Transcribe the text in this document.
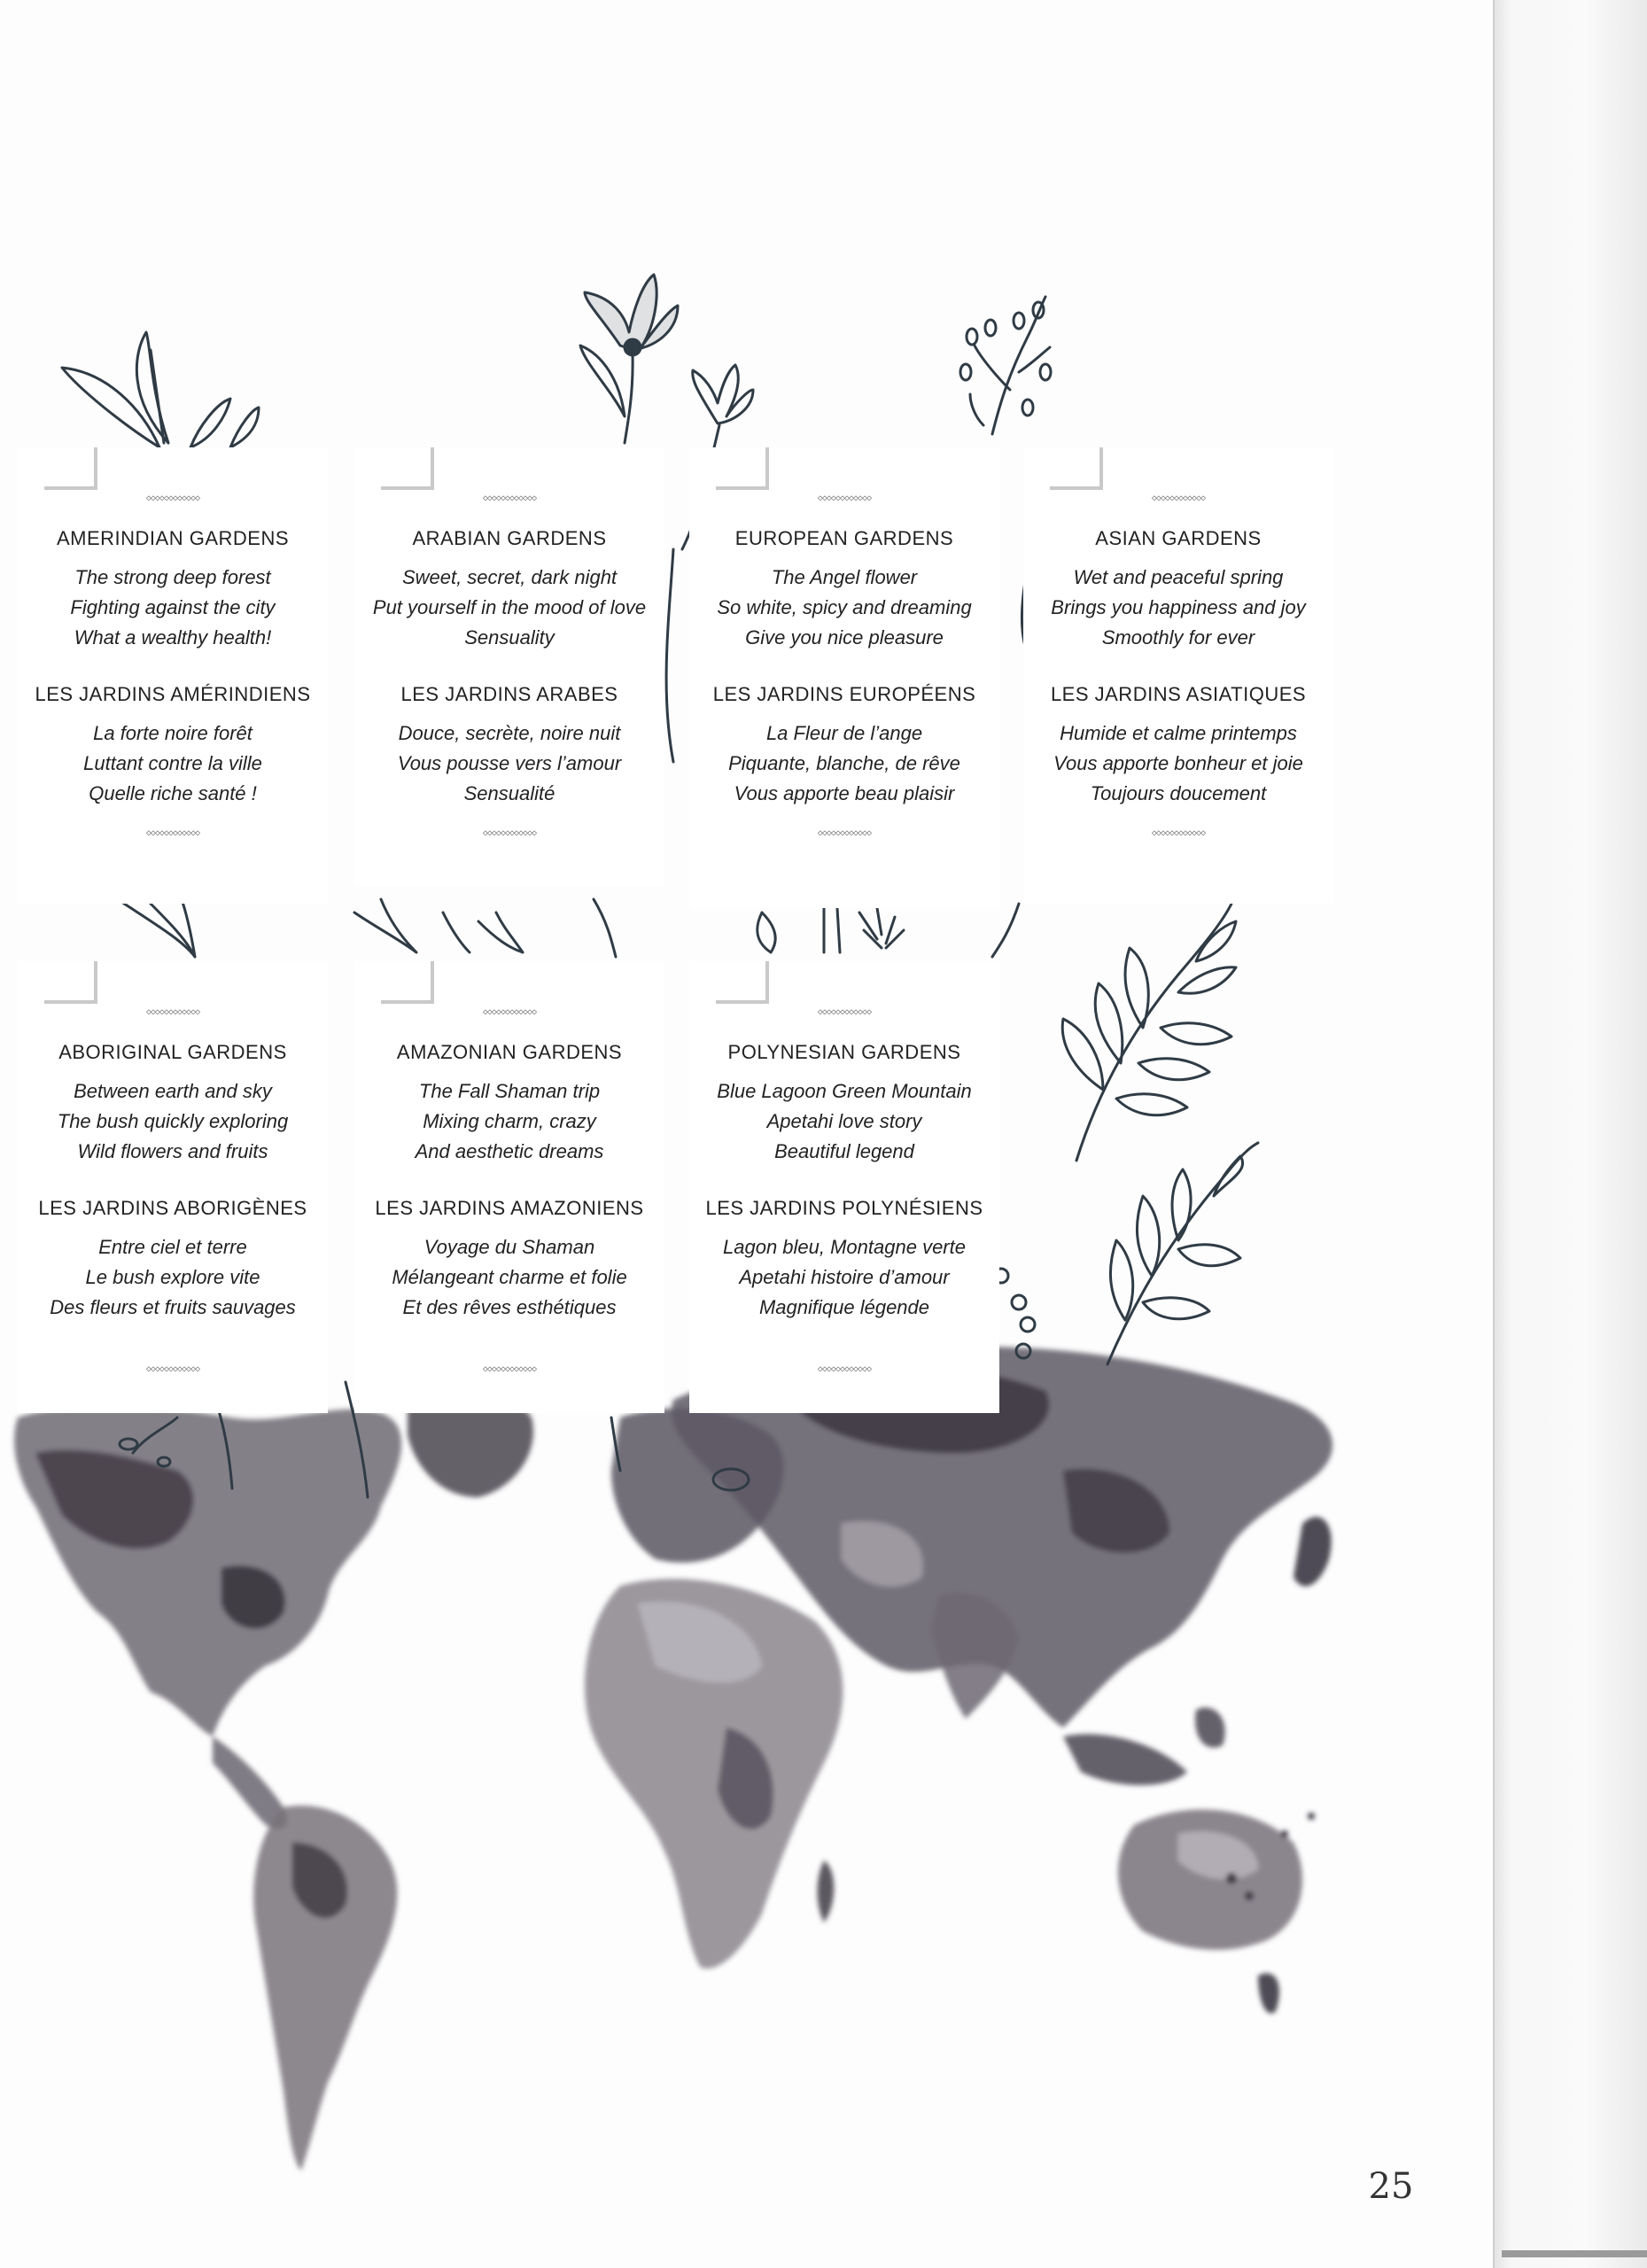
◇◇◇◇◇◇◇◇◇◇◇◇
AMERINDIAN GARDENS
The strong deep forest
Fighting against the city
What a wealthy health!
LES JARDINS AMÉRINDIENS
La forte noire forêt
Luttant contre la ville
Quelle riche santé !
◇◇◇◇◇◇◇◇◇◇◇◇
◇◇◇◇◇◇◇◇◇◇◇◇
ARABIAN GARDENS
Sweet, secret, dark night
Put yourself in the mood of love
Sensuality
LES JARDINS ARABES
Douce, secrète, noire nuit
Vous pousse vers l’amour
Sensualité
◇◇◇◇◇◇◇◇◇◇◇◇
◇◇◇◇◇◇◇◇◇◇◇◇
EUROPEAN GARDENS
The Angel flower
So white, spicy and dreaming
Give you nice pleasure
LES JARDINS EUROPÉENS
La Fleur de l’ange
Piquante, blanche, de rêve
Vous apporte beau plaisir
◇◇◇◇◇◇◇◇◇◇◇◇
◇◇◇◇◇◇◇◇◇◇◇◇
ASIAN GARDENS
Wet and peaceful spring
Brings you happiness and joy
Smoothly for ever
LES JARDINS ASIATIQUES
Humide et calme printemps
Vous apporte bonheur et joie
Toujours doucement
◇◇◇◇◇◇◇◇◇◇◇◇
◇◇◇◇◇◇◇◇◇◇◇◇
ABORIGINAL GARDENS
Between earth and sky
The bush quickly exploring
Wild flowers and fruits
LES JARDINS ABORIGÈNES
Entre ciel et terre
Le bush explore vite
Des fleurs et fruits sauvages
◇◇◇◇◇◇◇◇◇◇◇◇
◇◇◇◇◇◇◇◇◇◇◇◇
AMAZONIAN GARDENS
The Fall Shaman trip
Mixing charm, crazy
And aesthetic dreams
LES JARDINS AMAZONIENS
Voyage du Shaman
Mélangeant charme et folie
Et des rêves esthétiques
◇◇◇◇◇◇◇◇◇◇◇◇
◇◇◇◇◇◇◇◇◇◇◇◇
POLYNESIAN GARDENS
Blue Lagoon Green Mountain
Apetahi love story
Beautiful legend
LES JARDINS POLYNÉSIENS
Lagon bleu, Montagne verte
Apetahi histoire d’amour
Magnifique légende
◇◇◇◇◇◇◇◇◇◇◇◇
25
